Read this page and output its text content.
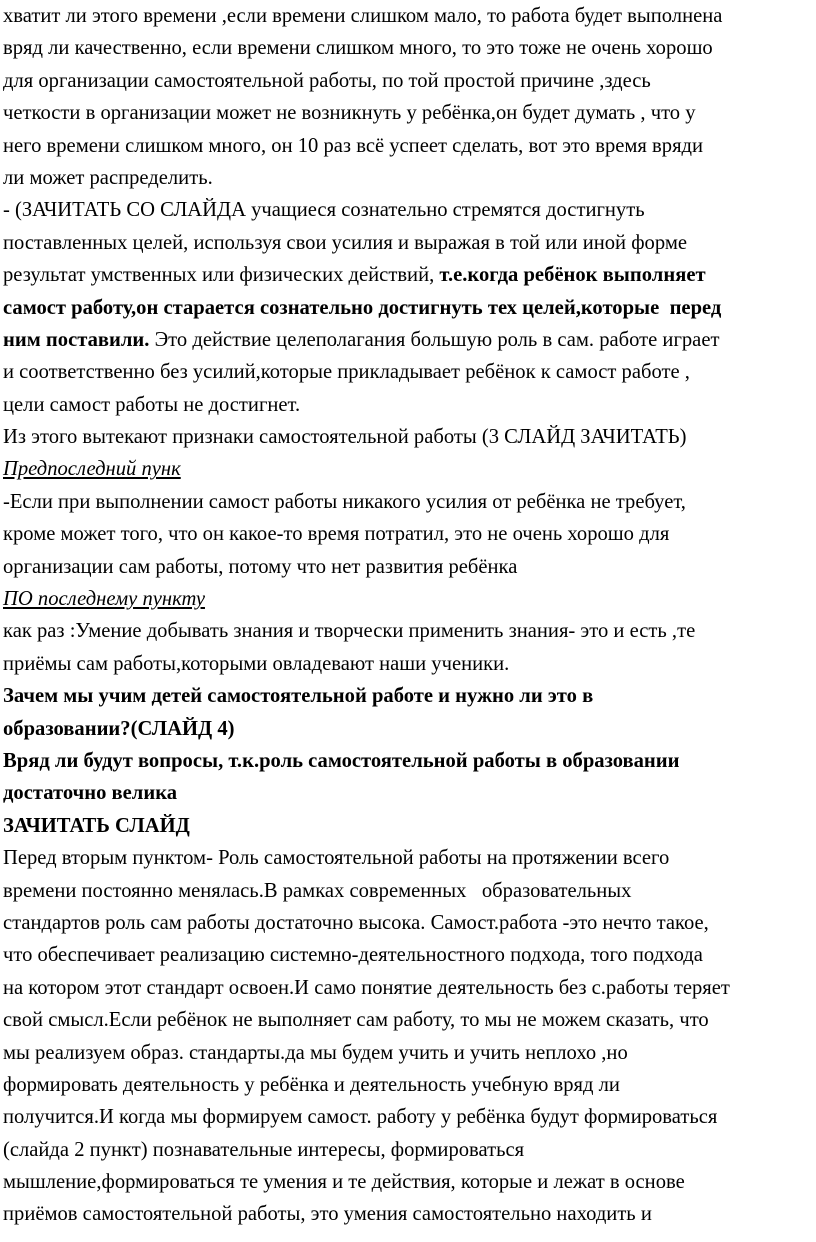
хватит ли этого времени ,если времени слишком мало, то работа будет выполнена
вряд ли качественно, если времени слишком много, то это тоже не очень хорошо
для организации самостоятельной работы, по той простой причине ,здесь
четкости в организации может не возникнуть у ребёнка,он будет думать , что у
него времени слишком много, он 10 раз всё успеет сделать, вот это время вряди
ли может распределить.
- (ЗАЧИТАТЬ СО СЛАЙДА учащиеся сознательно стремятся достигнуть
поставленных целей, используя свои усилия и выражая в той или иной форме
результат умственных или физических действий, т.е.когда ребёнок выполняет
самост работу,он старается сознательно достигнуть тех целей,которые  перед
ним поставили. Это действие целеполагания большую роль в сам. работе играет
и соответственно без усилий,которые прикладывает ребёнок к самост работе ,
цели самост работы не достигнет.
Из этого вытекают признаки самостоятельной работы (3 СЛАЙД ЗАЧИТАТЬ)
Предпоследний пунк
-Если при выполнении самост работы никакого усилия от ребёнка не требует,
кроме может того, что он какое-то время потратил, это не очень хорошо для
организации сам работы, потому что нет развития ребёнка
ПО последнему пункту
как раз :Умение добывать знания и творчески применить знания- это и есть ,те
приёмы сам работы,которыми овладевают наши ученики.
Зачем мы учим детей самостоятельной работе и нужно ли это в
образовании?(СЛАЙД 4)
Вряд ли будут вопросы, т.к.роль самостоятельной работы в образовании
достаточно велика
ЗАЧИТАТЬ СЛАЙД
Перед вторым пунктом- Роль самостоятельной работы на протяжении всего
времени постоянно менялась.В рамках современных   образовательных
стандартов роль сам работы достаточно высока. Самост.работа -это нечто такое,
что обеспечивает реализацию системно-деятельностного подхода, того подхода
на котором этот стандарт освоен.И само понятие деятельность без с.работы теряет
свой смысл.Если ребёнок не выполняет сам работу, то мы не можем сказать, что
мы реализуем образ. стандарты.да мы будем учить и учить неплохо ,но
формировать деятельность у ребёнка и деятельность учебную вряд ли
получится.И когда мы формируем самост. работу у ребёнка будут формироваться
(слайда 2 пункт) познавательные интересы, формироваться
мышление,формироваться те умения и те действия, которые и лежат в основе
приёмов самостоятельной работы, это умения самостоятельно находить и
